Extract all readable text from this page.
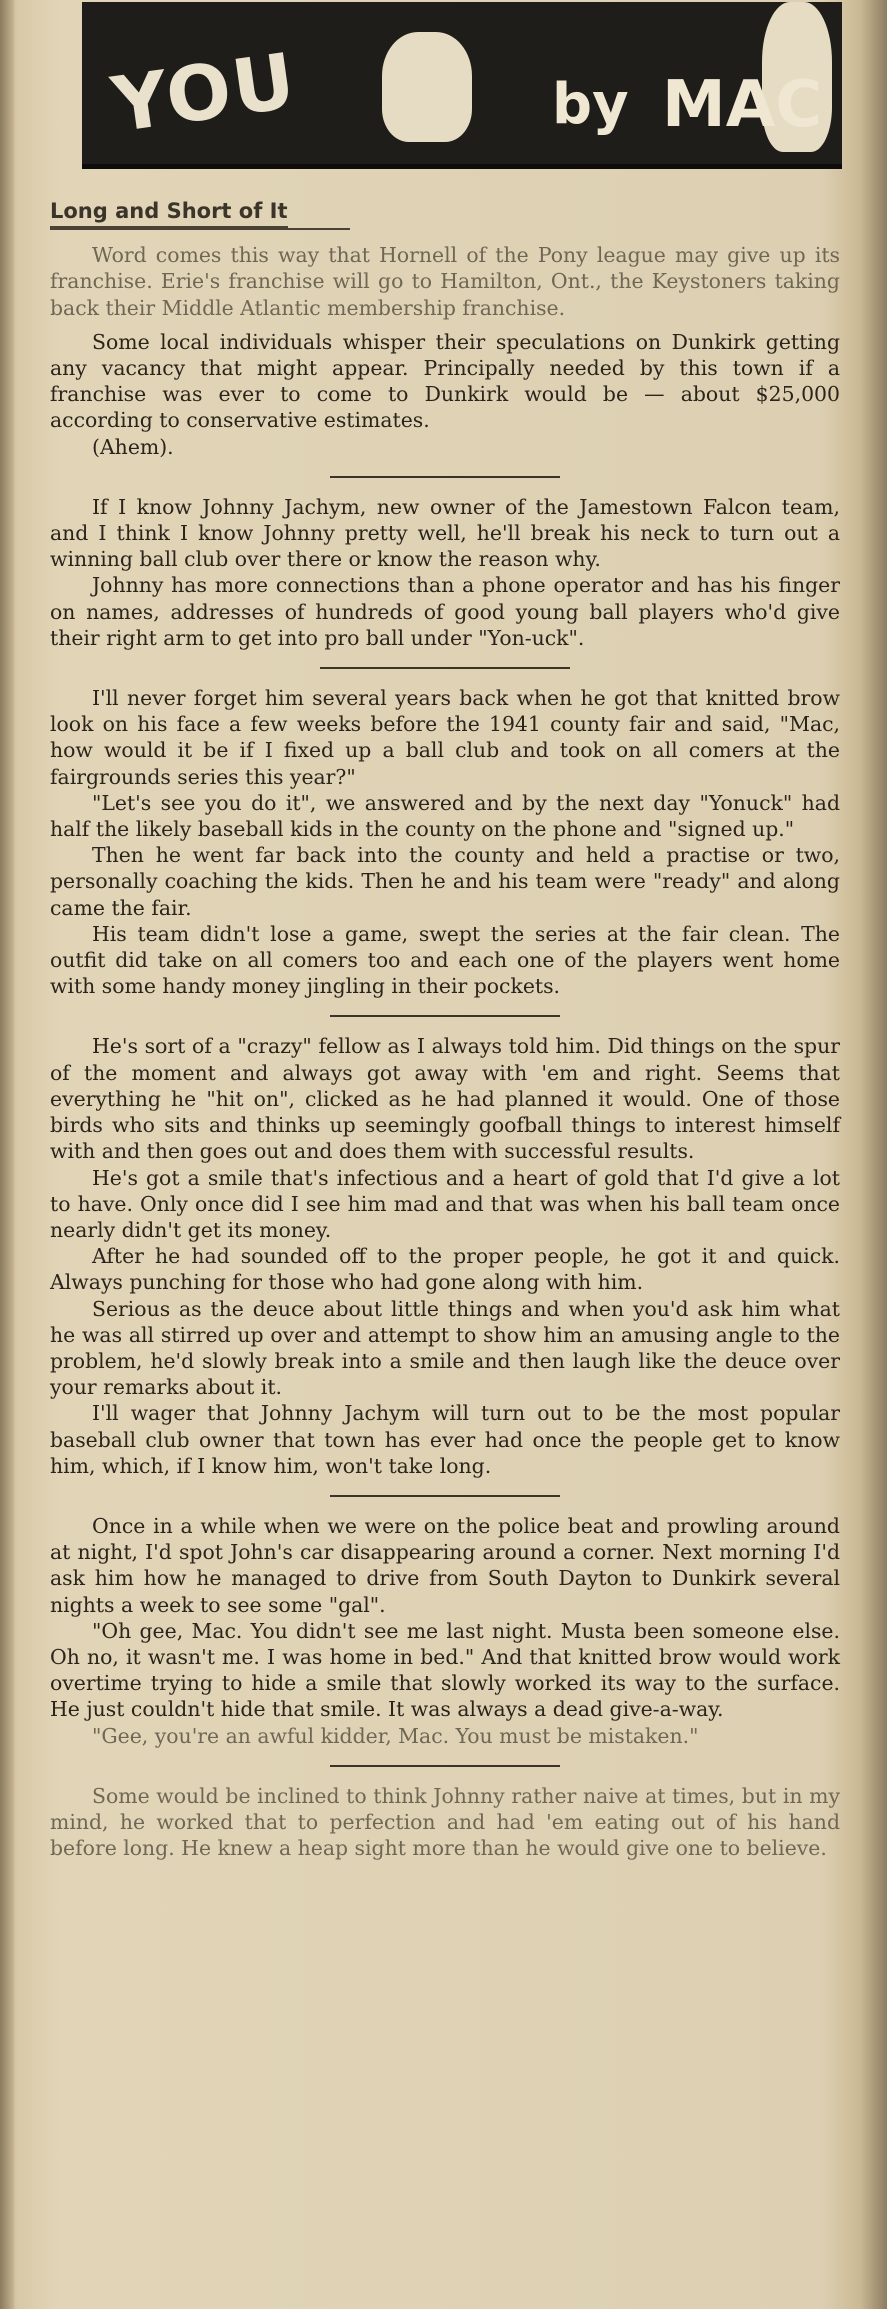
YOU	by MAC
Long and Short of It

Word comes this way that Hornell of the Pony league may give up its franchise. Erie's franchise will go to Hamilton, Ont., the Keystoners taking back their Middle Atlantic membership franchise.

Some local individuals whisper their speculations on Dunkirk getting any vacancy that might appear. Principally needed by this town if a franchise was ever to come to Dunkirk would be — about $25,000 according to conservative estimates.

(Ahem).

If I know Johnny Jachym, new owner of the Jamestown Falcon team, and I think I know Johnny pretty well, he'll break his neck to turn out a winning ball club over there or know the reason why.

Johnny has more connections than a phone operator and has his finger on names, addresses of hundreds of good young ball players who'd give their right arm to get into pro ball under "Yon-uck".

I'll never forget him several years back when he got that knitted brow look on his face a few weeks before the 1941 county fair and said, "Mac, how would it be if I fixed up a ball club and took on all comers at the fairgrounds series this year?"

"Let's see you do it", we answered and by the next day "Yonuck" had half the likely baseball kids in the county on the phone and "signed up."

Then he went far back into the county and held a practise or two, personally coaching the kids. Then he and his team were "ready" and along came the fair.

His team didn't lose a game, swept the series at the fair clean. The outfit did take on all comers too and each one of the players went home with some handy money jingling in their pockets.

He's sort of a "crazy" fellow as I always told him. Did things on the spur of the moment and always got away with 'em and right. Seems that everything he "hit on", clicked as he had planned it would. One of those birds who sits and thinks up seemingly goofball things to interest himself with and then goes out and does them with successful results.

He's got a smile that's infectious and a heart of gold that I'd give a lot to have. Only once did I see him mad and that was when his ball team once nearly didn't get its money.

After he had sounded off to the proper people, he got it and quick. Always punching for those who had gone along with him.

Serious as the deuce about little things and when you'd ask him what he was all stirred up over and attempt to show him an amusing angle to the problem, he'd slowly break into a smile and then laugh like the deuce over your remarks about it.

I'll wager that Johnny Jachym will turn out to be the most popular baseball club owner that town has ever had once the people get to know him, which, if I know him, won't take long.

Once in a while when we were on the police beat and prowling around at night, I'd spot John's car disappearing around a corner. Next morning I'd ask him how he managed to drive from South Dayton to Dunkirk several nights a week to see some "gal".

"Oh gee, Mac. You didn't see me last night. Musta been someone else. Oh no, it wasn't me. I was home in bed." And that knitted brow would work overtime trying to hide a smile that slowly worked its way to the surface. He just couldn't hide that smile. It was always a dead give-a-way.

"Gee, you're an awful kidder, Mac. You must be mistaken."

Some would be inclined to think Johnny rather naive at times, but in my mind, he worked that to perfection and had 'em eating out of his hand before long. He knew a heap sight more than he would give one to believe.
